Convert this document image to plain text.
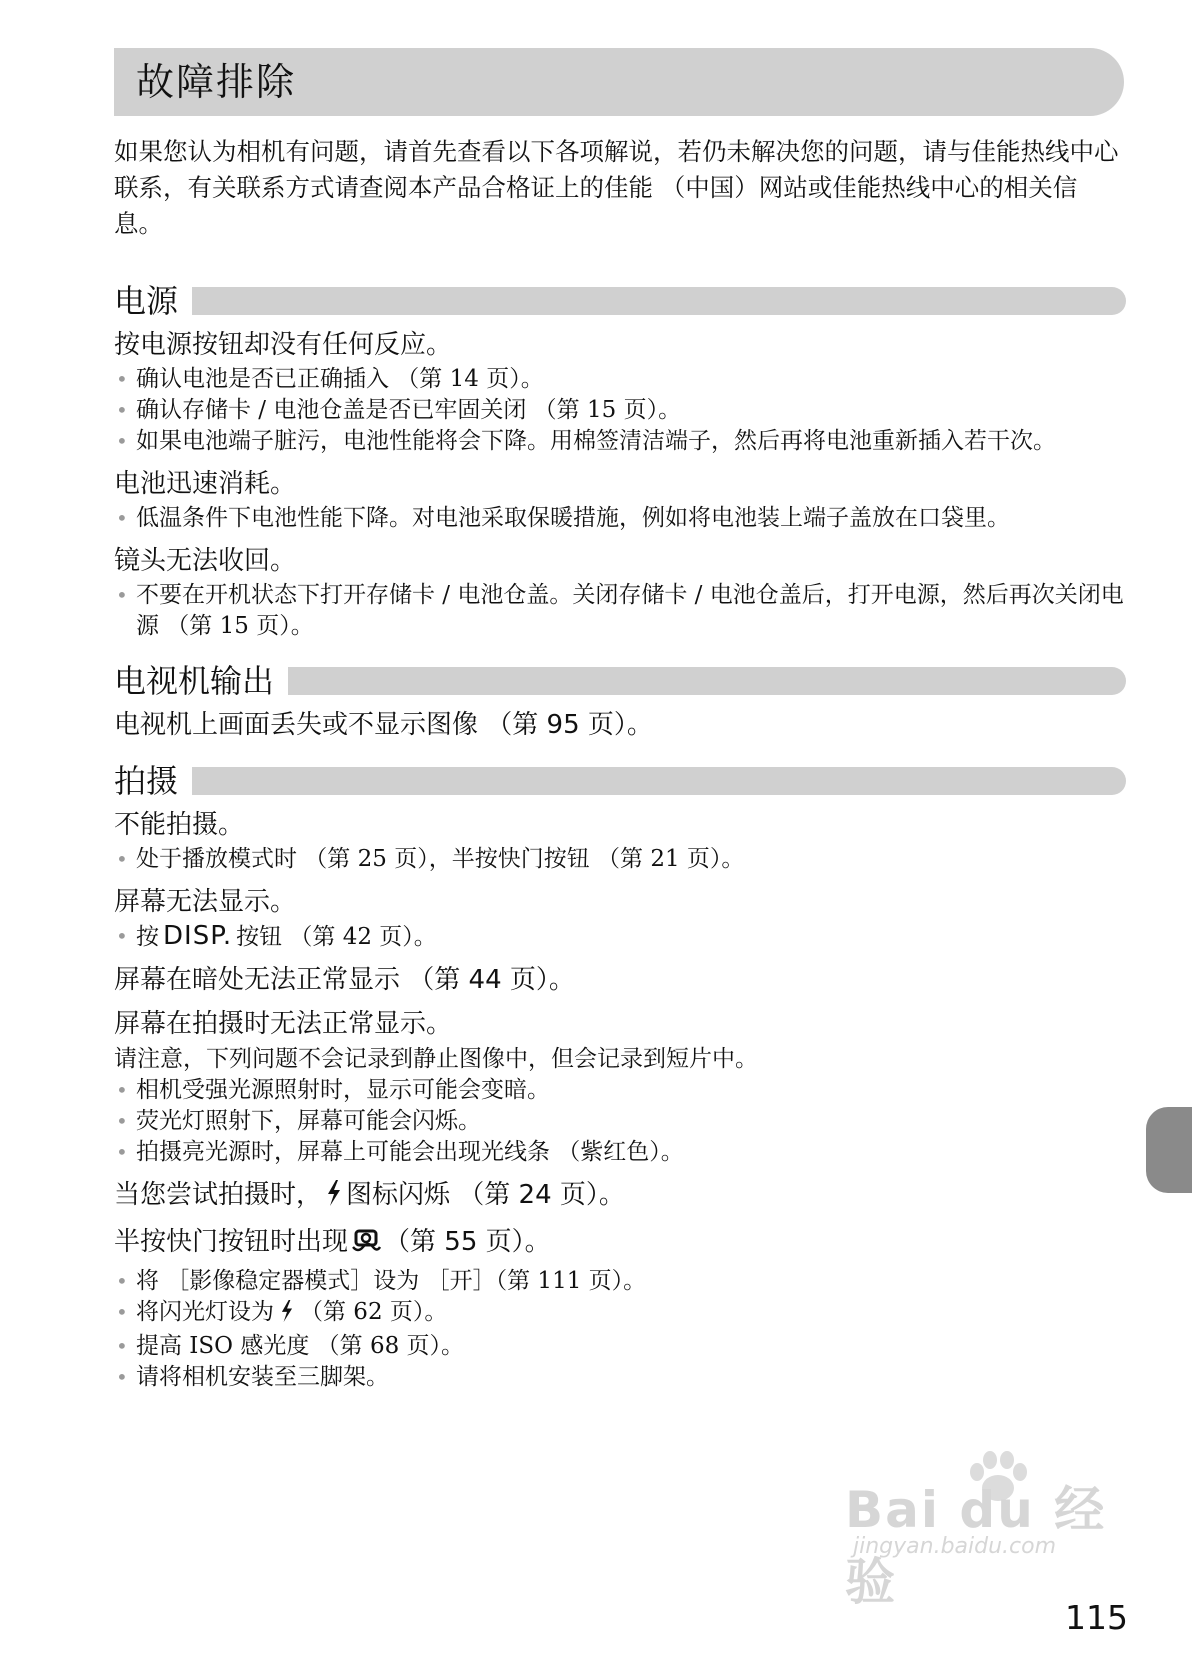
故障排除

如果您认为相机有问题，请首先查看以下各项解说，若仍未解决您的问题，请与佳能热线中心联系，有关联系方式请查阅本产品合格证上的佳能 （中国）网站或佳能热线中心的相关信息。

电源
按电源按钮却没有任何反应。
• 确认电池是否已正确插入 （第 14 页）。
• 确认存储卡 / 电池仓盖是否已牢固关闭 （第 15 页）。
• 如果电池端子脏污，电池性能将会下降。用棉签清洁端子，然后再将电池重新插入若干次。
电池迅速消耗。
• 低温条件下电池性能下降。对电池采取保暖措施，例如将电池装上端子盖放在口袋里。
镜头无法收回。
• 不要在开机状态下打开存储卡 / 电池仓盖。关闭存储卡 / 电池仓盖后，打开电源，然后再次关闭电源 （第 15 页）。
电视机输出
电视机上画面丢失或不显示图像 （第 95 页）。
拍摄
不能拍摄。
• 处于播放模式时 （第 25 页），半按快门按钮 （第 21 页）。
屏幕无法显示。
• 按 DISP. 按钮 （第 42 页）。
屏幕在暗处无法正常显示 （第 44 页）。
屏幕在拍摄时无法正常显示。

请注意，下列问题不会记录到静止图像中，但会记录到短片中。

• 相机受强光源照射时，显示可能会变暗。
• 荧光灯照射下，屏幕可能会闪烁。
• 拍摄亮光源时，屏幕上可能会出现光线条 （紫红色）。
当您尝试拍摄时， 图标闪烁 （第 24 页）。
半按快门按钮时出现 （第 55 页）。
• 将 ［影像稳定器模式］设为 ［开］（第 111 页）。
• 将闪光灯设为 （第 62 页）。
• 提高 ISO 感光度 （第 68 页）。
• 请将相机安装至三脚架。
Bai du 经验
jingyan.baidu.com
115
